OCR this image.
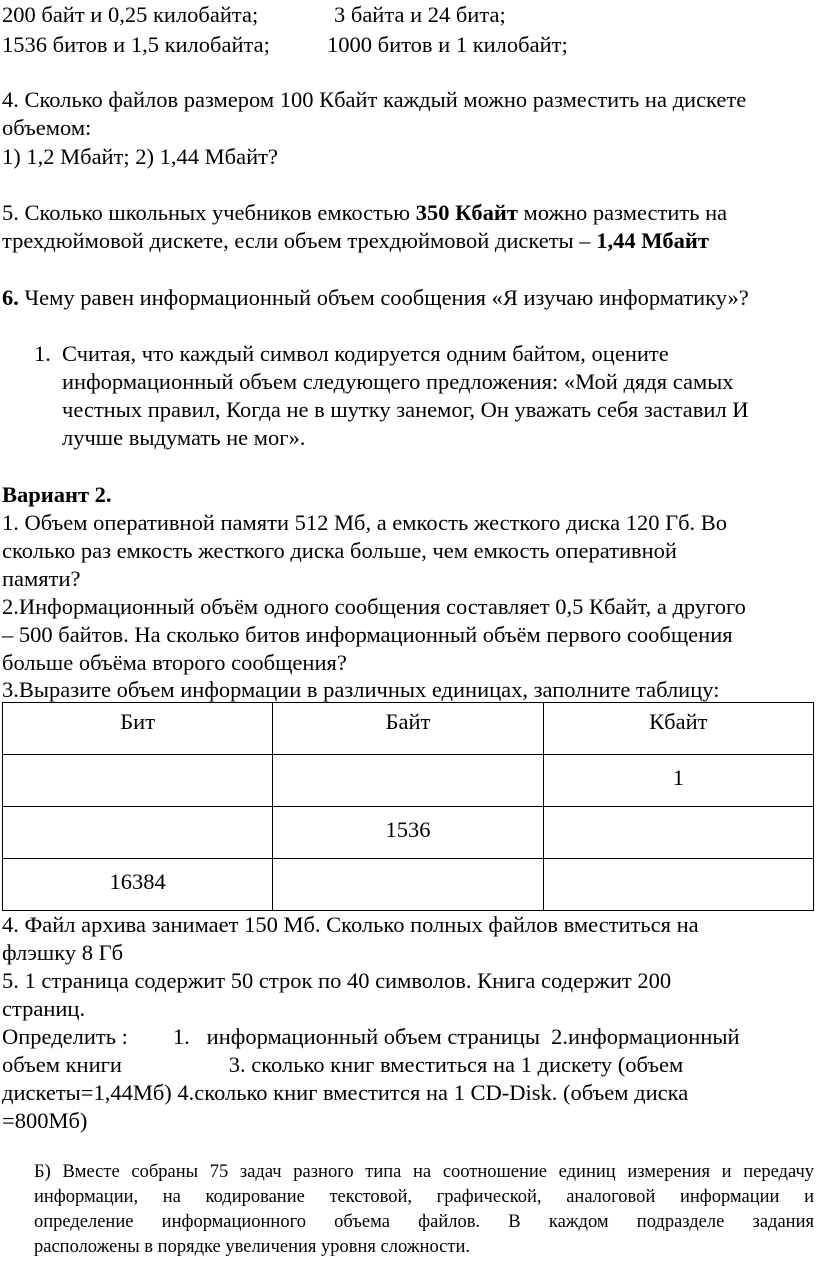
200 байт и 0,25 килобайта;	3 байта и 24 бита;
1536 битов и 1,5 килобайта;	1000 битов и 1 килобайт;
4. Сколько файлов размером 100 Кбайт каждый можно разместить на дискете
объемом:
1) 1,2 Мбайт; 2) 1,44 Мбайт?
5. Сколько школьных учебников емкостью 350 Кбайт можно разместить на
трехдюймовой дискете, если объем трехдюймовой дискеты – 1,44 Мбайт
6. Чему равен информационный объем сообщения «Я изучаю информатику»?
1. Считая, что каждый символ кодируется одним байтом, оцените
информационный объем следующего предложения: «Мой дядя самых
честных правил, Когда не в шутку занемог, Он уважать себя заставил И
лучше выдумать не мог».
Вариант 2.
1. Объем оперативной памяти 512 Мб, а емкость жесткого диска 120 Гб. Во
сколько раз емкость жесткого диска больше, чем емкость оперативной
памяти?
2.Информационный объём одного сообщения составляет 0,5 Кбайт, а другого
– 500 байтов. На сколько битов информационный объём первого сообщения
больше объёма второго сообщения?
3.Выразите объем информации в различных единицах, заполните таблицу:
Бит	Байт	Кбайт
		1
	1536	
16384		
4. Файл архива занимает 150 Мб. Сколько полных файлов вместиться на
флэшку 8 Гб
5. 1 страница содержит 50 строк по 40 символов. Книга содержит 200
страниц.
Определить :        1.   информационный объем страницы  2.информационный
объем книги                   3. сколько книг вместиться на 1 дискету (объем
дискеты=1,44Мб) 4.сколько книг вместится на 1 CD-Disk. (объем диска
=800Мб)
Б) Вместе собраны 75 задач разного типа на соотношение единиц измерения и передачу
информации, на кодирование текстовой, графической, аналоговой информации и
определение информационного объема файлов. В каждом подразделе задания
расположены в порядке увеличения уровня сложности.
